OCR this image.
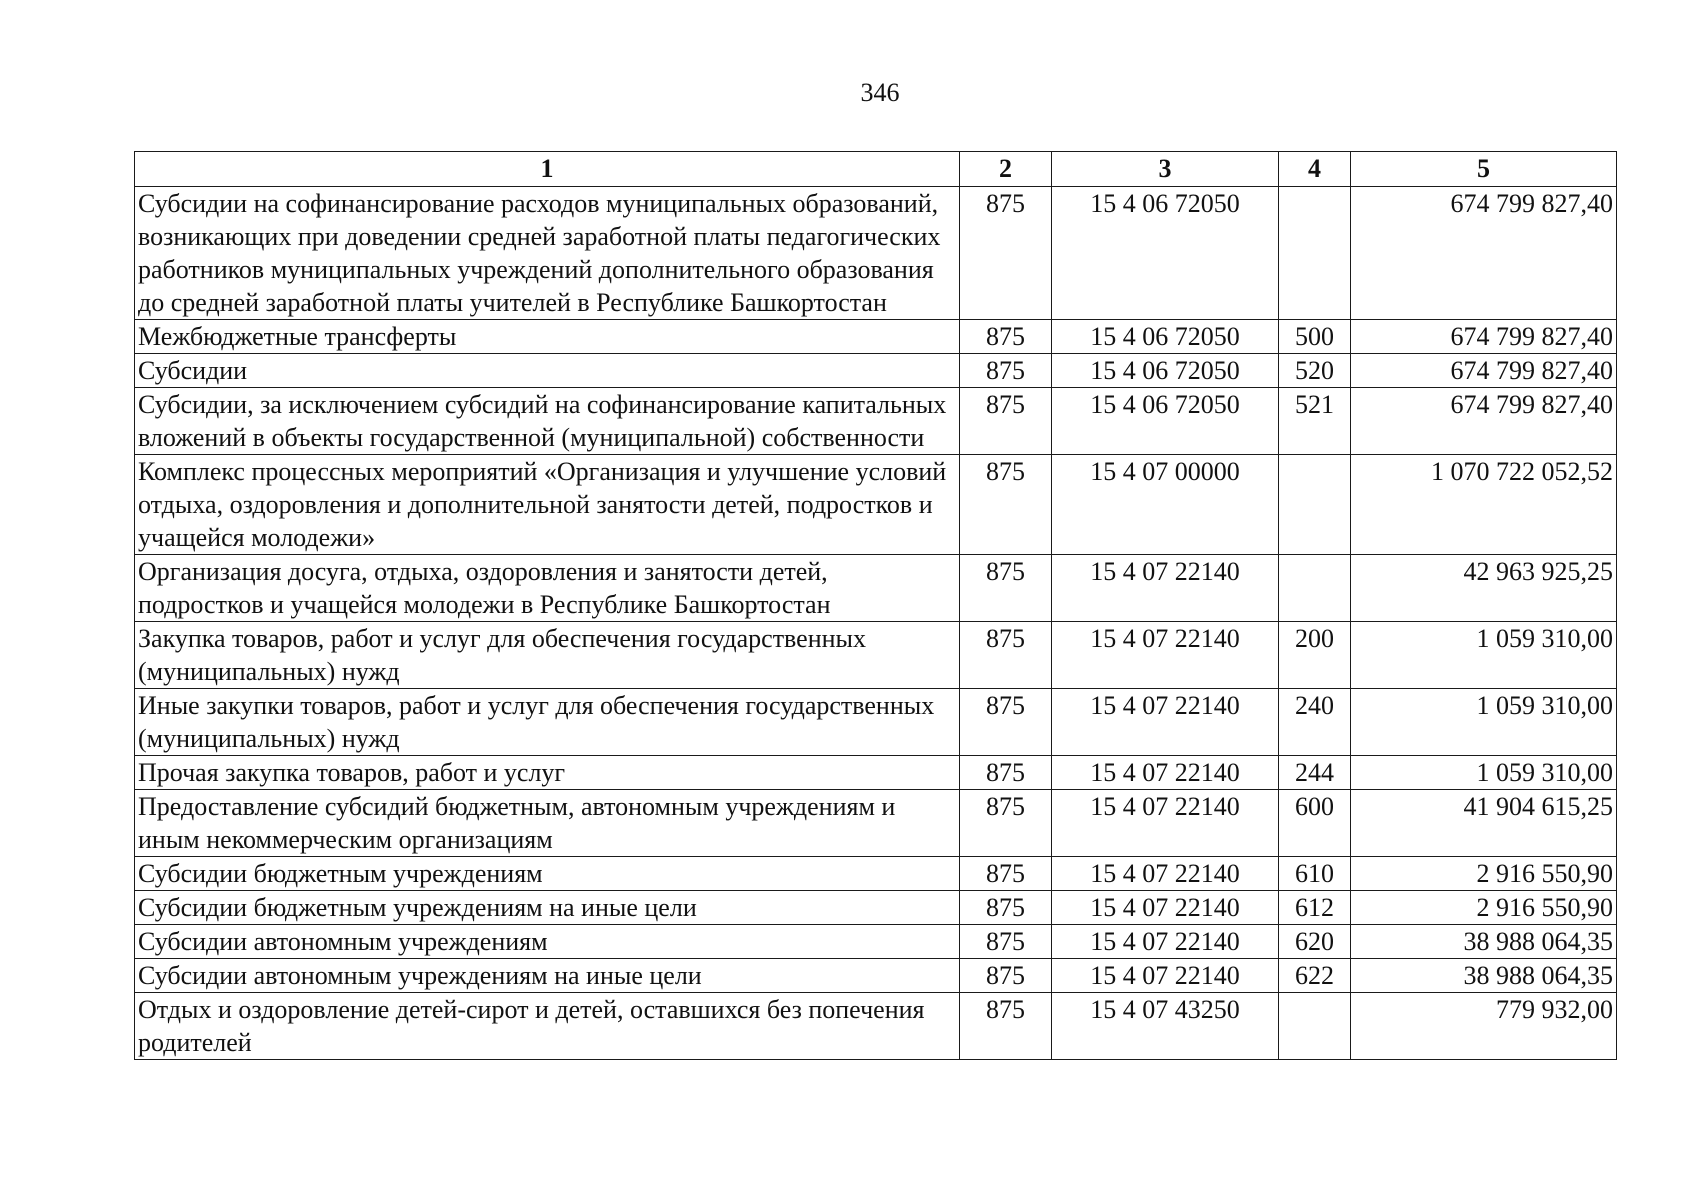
346
1	2	3	4	5
Субсидии на софинансирование расходов муниципальных образований, возникающих при доведении средней заработной платы педагогических работников муниципальных учреждений дополнительного образования до средней заработной платы учителей в Республике Башкортостан	875	15 4 06 72050		674 799 827,40
Межбюджетные трансферты	875	15 4 06 72050	500	674 799 827,40
Субсидии	875	15 4 06 72050	520	674 799 827,40
Субсидии, за исключением субсидий на софинансирование капитальных вложений в объекты государственной (муниципальной) собственности	875	15 4 06 72050	521	674 799 827,40
Комплекс процессных мероприятий «Организация и улучшение условий отдыха, оздоровления и дополнительной занятости детей, подростков и учащейся молодежи»	875	15 4 07 00000		1 070 722 052,52
Организация досуга, отдыха, оздоровления и занятости детей, подростков и учащейся молодежи в Республике Башкортостан	875	15 4 07 22140		42 963 925,25
Закупка товаров, работ и услуг для обеспечения государственных (муниципальных) нужд	875	15 4 07 22140	200	1 059 310,00
Иные закупки товаров, работ и услуг для обеспечения государственных (муниципальных) нужд	875	15 4 07 22140	240	1 059 310,00
Прочая закупка товаров, работ и услуг	875	15 4 07 22140	244	1 059 310,00
Предоставление субсидий бюджетным, автономным учреждениям и иным некоммерческим организациям	875	15 4 07 22140	600	41 904 615,25
Субсидии бюджетным учреждениям	875	15 4 07 22140	610	2 916 550,90
Субсидии бюджетным учреждениям на иные цели	875	15 4 07 22140	612	2 916 550,90
Субсидии автономным учреждениям	875	15 4 07 22140	620	38 988 064,35
Субсидии автономным учреждениям на иные цели	875	15 4 07 22140	622	38 988 064,35
Отдых и оздоровление детей-сирот и детей, оставшихся без попечения родителей	875	15 4 07 43250		779 932,00
